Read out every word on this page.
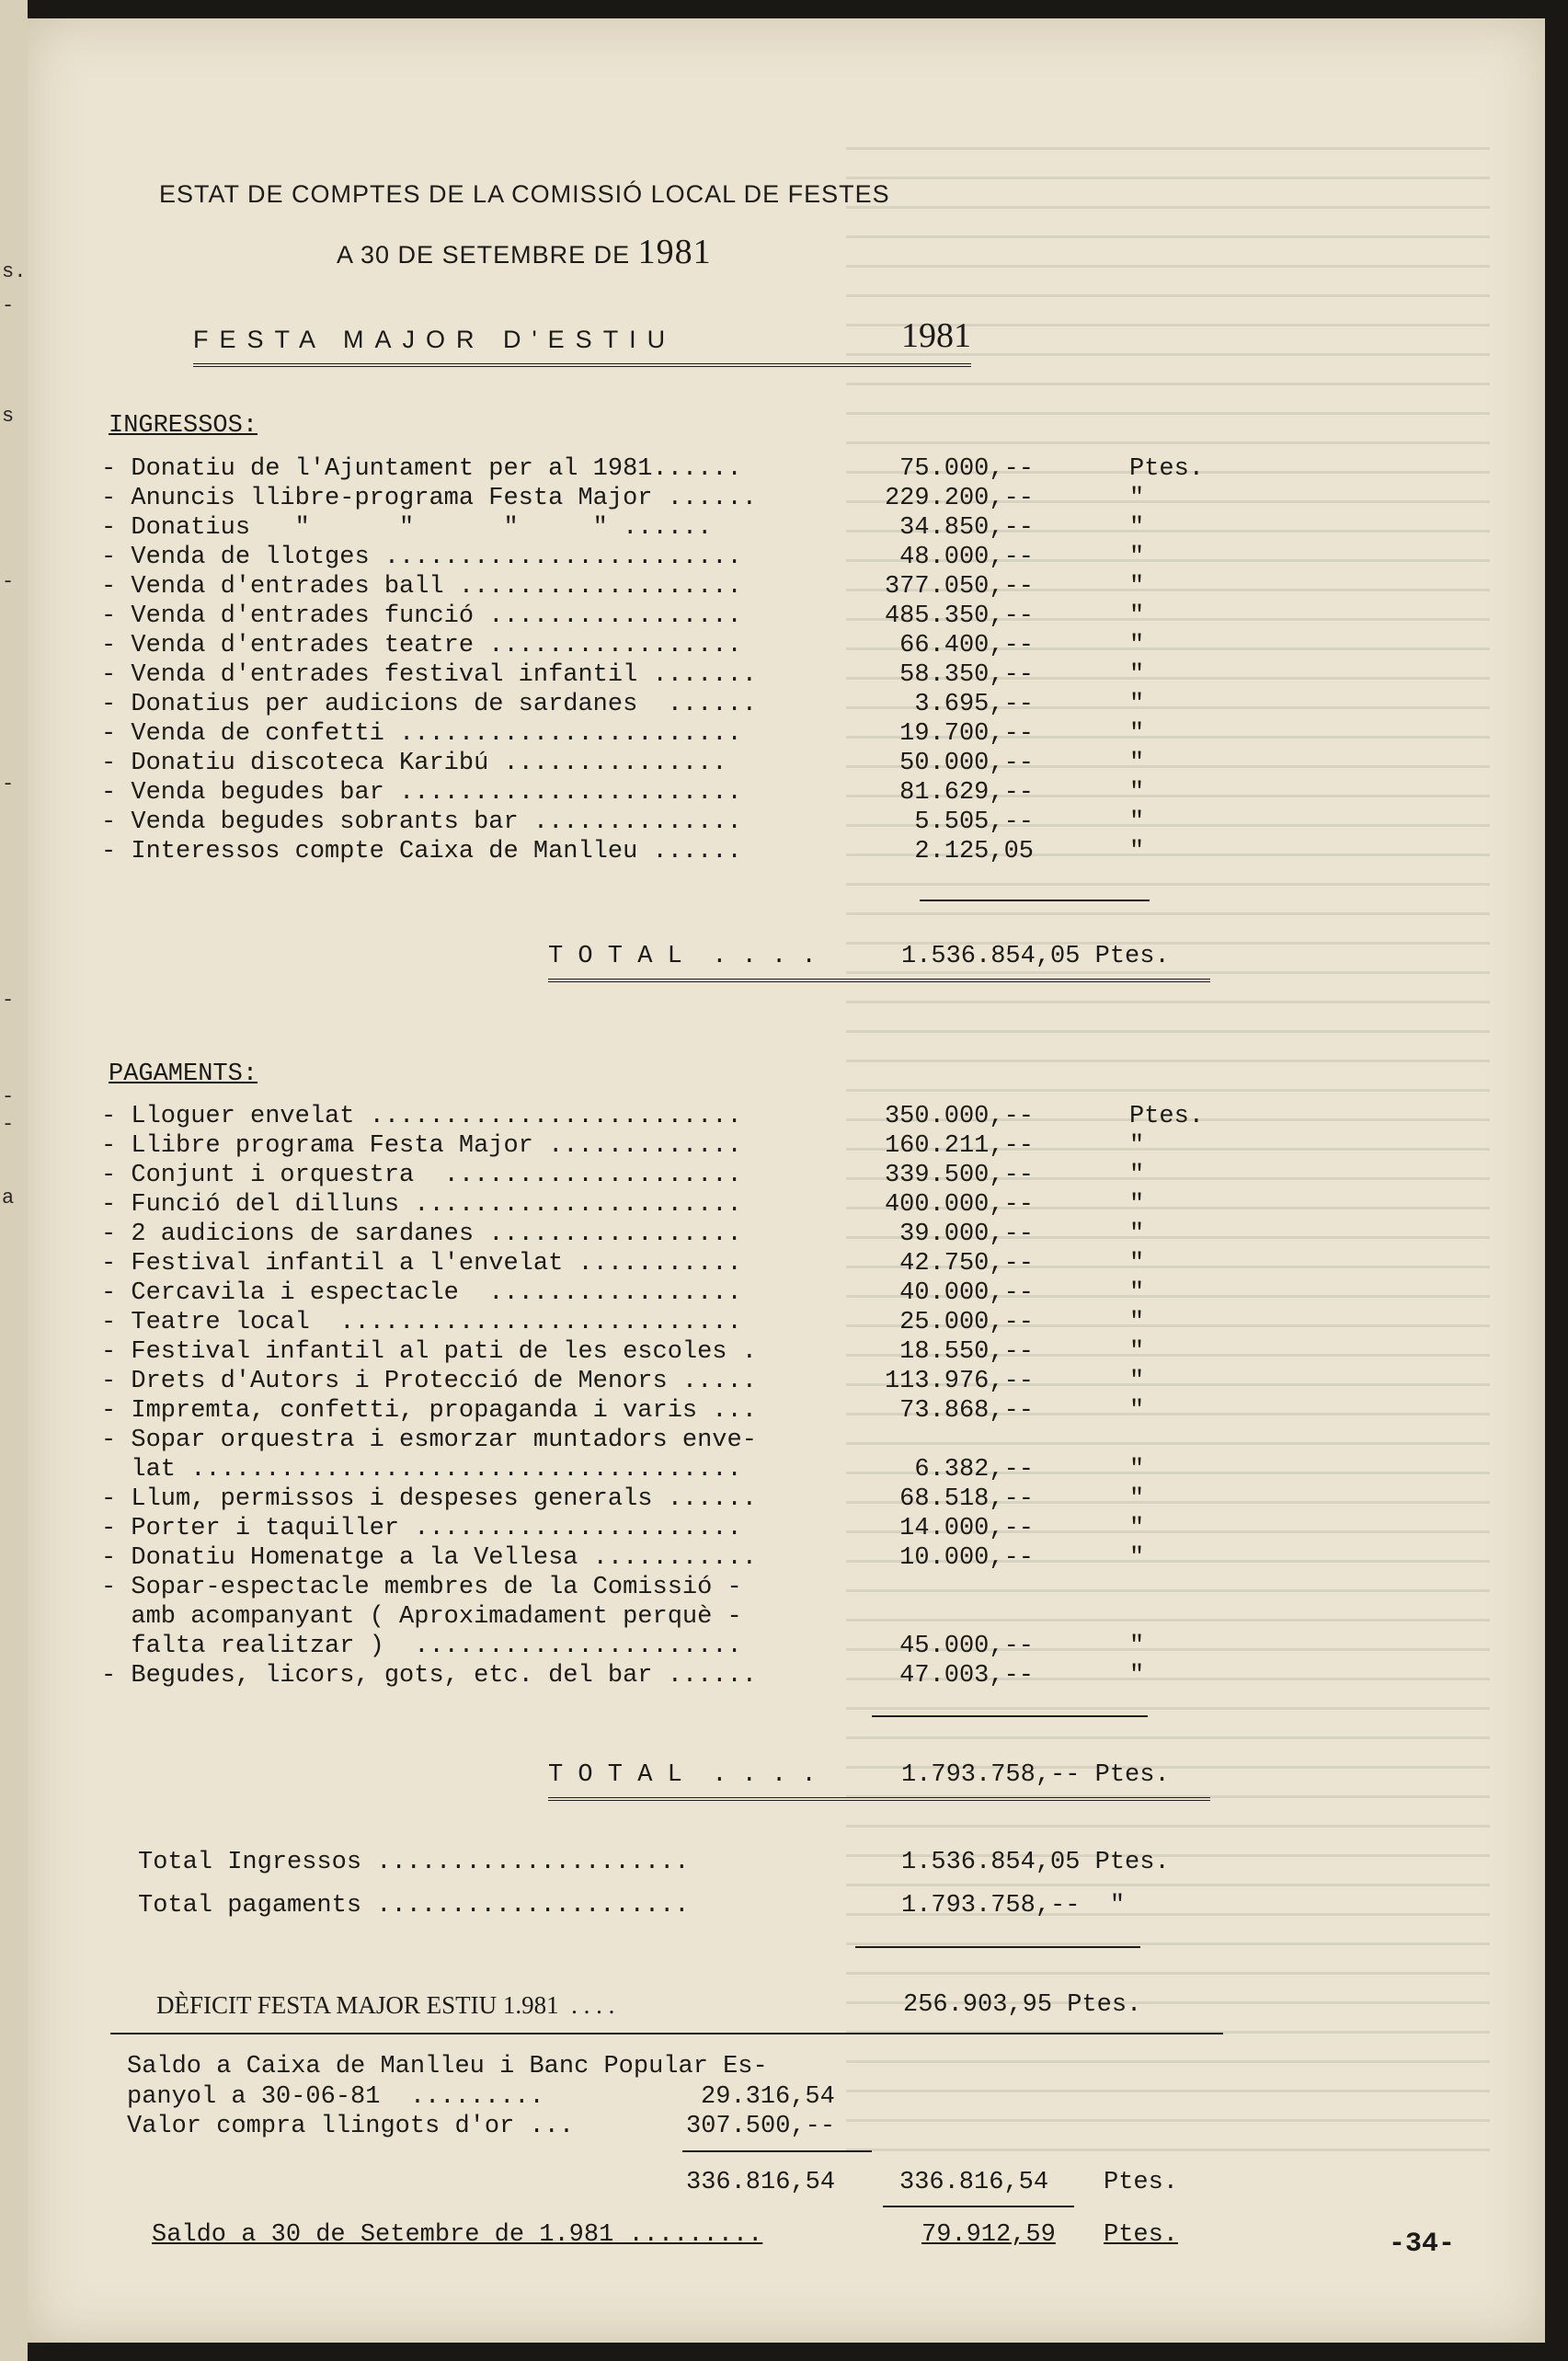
s.
-
s
-
-
-
-
-
a
ESTAT DE COMPTES DE LA COMISSIÓ LOCAL DE FESTES
A 30 DE SETEMBRE DE 1981
FESTA MAJOR D'ESTIU	1981
INGRESSOS:
- Donatiu de l'Ajuntament per al 1981......	75.000,--	Ptes.
- Anuncis llibre-programa Festa Major ......	229.200,--	"
- Donatius   "      "      "     " ......	34.850,--	"
- Venda de llotges ........................	48.000,--	"
- Venda d'entrades ball ...................	377.050,--	"
- Venda d'entrades funció .................	485.350,--	"
- Venda d'entrades teatre .................	66.400,--	"
- Venda d'entrades festival infantil .......	58.350,--	"
- Donatius per audicions de sardanes  ......	3.695,--	"
- Venda de confetti .......................	19.700,--	"
- Donatiu discoteca Karibú ...............	50.000,--	"
- Venda begudes bar .......................	81.629,--	"
- Venda begudes sobrants bar ..............	5.505,--	"
- Interessos compte Caixa de Manlleu ......	2.125,05	"
T O T A L  . . . .	1.536.854,05 Ptes.
PAGAMENTS:
- Lloguer envelat .........................	350.000,--	Ptes.
- Llibre programa Festa Major .............	160.211,--	"
- Conjunt i orquestra  ....................	339.500,--	"
- Funció del dilluns ......................	400.000,--	"
- 2 audicions de sardanes .................	39.000,--	"
- Festival infantil a l'envelat ...........	42.750,--	"
- Cercavila i espectacle  .................	40.000,--	"
- Teatre local  ...........................	25.000,--	"
- Festival infantil al pati de les escoles .	18.550,--	"
- Drets d'Autors i Protecció de Menors .....	113.976,--	"
- Impremta, confetti, propaganda i varis ...	73.868,--	"
- Sopar orquestra i esmorzar muntadors enve-
lat .....................................	6.382,--	"
- Llum, permissos i despeses generals ......	68.518,--	"
- Porter i taquiller ......................	14.000,--	"
- Donatiu Homenatge a la Vellesa ...........	10.000,--	"
- Sopar-espectacle membres de la Comissió -
amb acompanyant ( Aproximadament perquè -
falta realitzar )  ......................	45.000,--	"
- Begudes, licors, gots, etc. del bar ......	47.003,--	"
T O T A L  . . . .	1.793.758,-- Ptes.
Total Ingressos .....................	1.536.854,05 Ptes.
Total pagaments .....................	1.793.758,--  "
DÈFICIT FESTA MAJOR ESTIU 1.981  . . . .	256.903,95 Ptes.
Saldo a Caixa de Manlleu i Banc Popular Es-
panyol a 30-06-81  .........	29.316,54
Valor compra llingots d'or ...	307.500,--
336.816,54	336.816,54 Ptes.
Saldo a 30 de Setembre de 1.981 .........	79.912,59 Ptes.	-34-
